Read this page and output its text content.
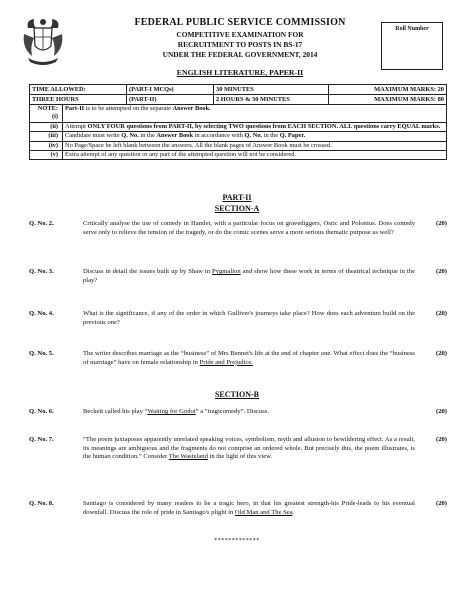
FEDERAL PUBLIC SERVICE COMMISSION
COMPETITIVE EXAMINATION FOR
RECRUITMENT TO POSTS IN BS-17
UNDER THE FEDERAL GOVERNMENT, 2014
Roll Number
ENGLISH LITERATURE, PAPER-II
TIME ALLOWED:	(PART-I MCQs)	30 MINUTES	MAXIMUM MARKS: 20
THREE HOURS	(PART-II)	2 HOURS & 30 MINUTES	MAXIMUM MARKS: 80
NOTE:(i)	Part-II is to be attempted on the separate Answer Book.
(ii)	Attempt ONLY FOUR questions from PART-II, by selecting TWO questions from EACH SECTION. ALL questions carry EQUAL marks.
(iii)	Candidate must write Q. No. in the Answer Book in accordance with Q. No. in the Q. Paper.
(iv)	No Page/Space be left blank between the answers. All the blank pages of Answer Book must be crossed.
(v)	Extra attempt of any question or any part of the attempted question will not be considered.
PART-II
SECTION-A
Q. No. 2.	Critically analyse the use of comedy in Hamlet, with a particular focus on gravediggers, Osric and Polonius. Does comedy serve only to relieve the tension of the tragedy, or do the comic scenes serve a more serious thematic purpose as well?
(20)
Q. No. 3.	Discuss in detail the issues built up by Shaw in Pygmalion and show how these work in terms of theatrical technique in the play?
(20)
Q. No. 4.	What is the significance, if any of the order in which Gulliver's journeys take place? How does each adventure build on the previous one?
(20)
Q. No. 5.	The writer describes marriage as the “business” of Mrs Bennet's life at the end of chapter one. What effect does the “business of marriage” have on female relationship in Pride and Prejudice.
(20)
SECTION-B
Q. No. 6.	Beckett called his play “Waiting for Godot” a “tragicomedy”. Discuss.	(20)
Q. No. 7.	“The poem juxtaposes apparently unrelated speaking voices, symbolism, myth and allusion to bewildering effect. As a result, its meanings are ambiguous and the fragments do not comprise an ordered whole. But precisely this, the poem illustrates, is the human condition.” Consider The Wasteland in the light of this view.
(20)
Q. No. 8.	Santiago is considered by many readers to be a tragic hero, in that his greatest strength-his Pride-leads to his eventual downfall. Discuss the role of pride in Santiago's plight in Old Man and The Sea.
(20)
*************
